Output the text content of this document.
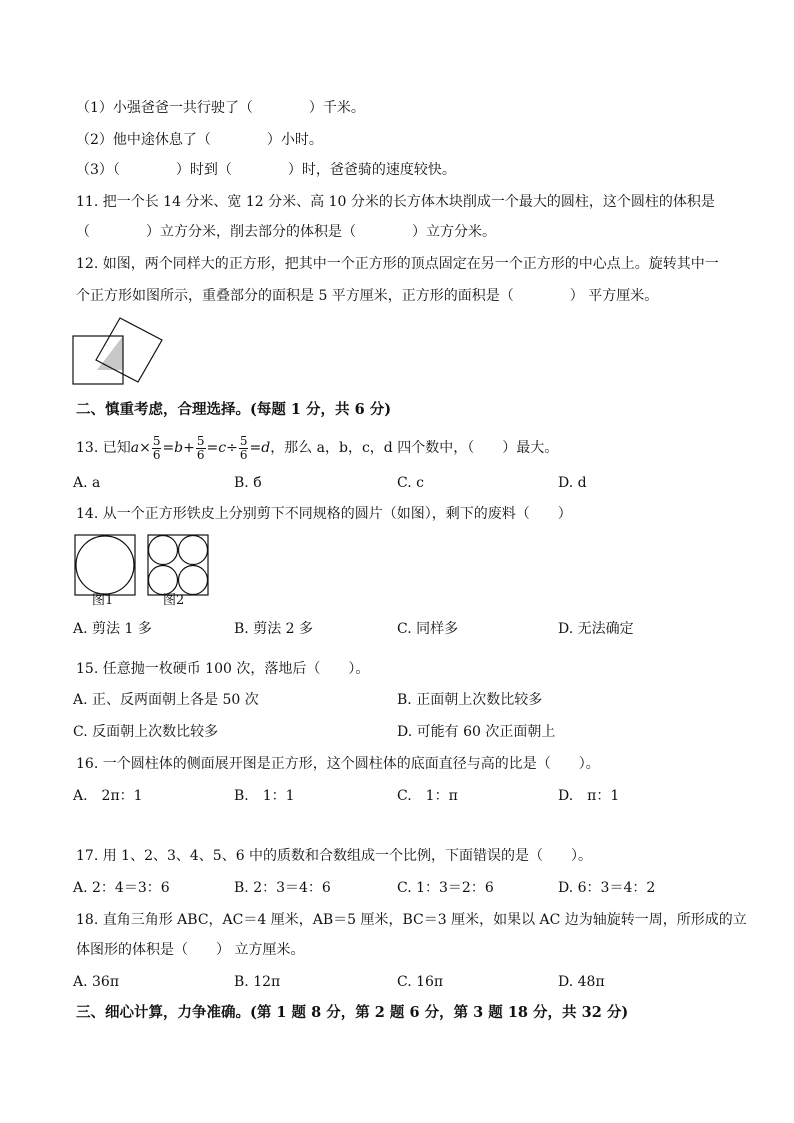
（1）小强爸爸一共行驶了（　　　　）千米。
（2）他中途休息了（　　　　）小时。
（3）（　　　　）时到（　　　　）时，爸爸骑的速度较快。
11. 把一个长 14 分米、宽 12 分米、高 10 分米的长方体木块削成一个最大的圆柱，这个圆柱的体积是
（　　　　）立方分米，削去部分的体积是（　　　　）立方分米。
12. 如图，两个同样大的正方形，把其中一个正方形的顶点固定在另一个正方形的中心点上。旋转其中一
个正方形如图所示，重叠部分的面积是 5 平方厘米，正方形的面积是（　　　　） 平方厘米。
二、慎重考虑，合理选择。(每题 1 分，共 6 分)
13. 已知$a\times \frac{5}{6} =b+ \frac{5}{6} =c\div \frac{5}{6} =d$，那么 a，b，c，d 四个数中，（　　）最大。
A. a	B. б	C. c	D. d
14. 从一个正方形铁皮上分别剪下不同规格的圆片（如图），剩下的废料（　　）
图1	图2
A. 剪法 1 多	B. 剪法 2 多	C. 同样多	D. 无法确定
15. 任意抛一枚硬币 100 次，落地后（　　）。
A. 正、反两面朝上各是 50 次	B. 正面朝上次数比较多
C. 反面朝上次数比较多	D. 可能有 60 次正面朝上
16. 一个圆柱体的侧面展开图是正方形，这个圆柱体的底面直径与高的比是（　　）。
A.　2π：1	B.　1：1	C.　1：π	D.　π：1
17. 用 1、2、3、4、5、6 中的质数和合数组成一个比例，下面错误的是（　　）。
A. 2：4＝3：6	B. 2：3＝4：6	C. 1：3＝2：6	D. 6：3＝4：2
18. 直角三角形 ABC，AC＝4 厘米，AB＝5 厘米，BC＝3 厘米，如果以 AC 边为轴旋转一周，所形成的立
体图形的体积是（　　） 立方厘米。
A. 36π	B. 12π	C. 16π	D. 48π
三、细心计算，力争准确。(第 1 题 8 分，第 2 题 6 分，第 3 题 18 分，共 32 分)
